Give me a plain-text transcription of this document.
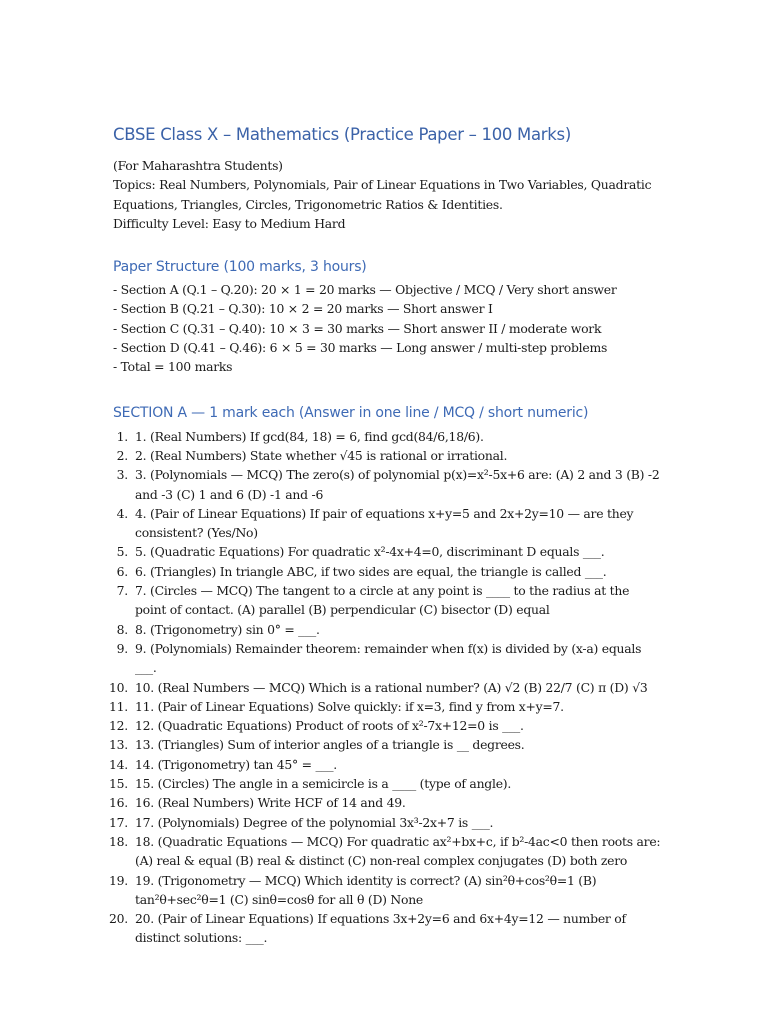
CBSE Class X – Mathematics (Practice Paper – 100 Marks)

(For Maharashtra Students)

Topics: Real Numbers, Polynomials, Pair of Linear Equations in Two Variables, Quadratic Equations, Triangles, Circles, Trigonometric Ratios & Identities.

Difficulty Level: Easy to Medium Hard

Paper Structure (100 marks, 3 hours)

- Section A (Q.1 – Q.20): 20 × 1 = 20 marks — Objective / MCQ / Very short answer

- Section B (Q.21 – Q.30): 10 × 2 = 20 marks — Short answer I

- Section C (Q.31 – Q.40): 10 × 3 = 30 marks — Short answer II / moderate work

- Section D (Q.41 – Q.46): 6 × 5 = 30 marks — Long answer / multi-step problems

- Total = 100 marks

SECTION A — 1 mark each (Answer in one line / MCQ / short numeric)
1 . 1. (Real Numbers) If gcd(84, 18) = 6, find gcd(84/6,18/6).
2 . 2. (Real Numbers) State whether √45 is rational or irrational.
3 . 3. (Polynomials — MCQ) The zero(s) of polynomial p(x)=x²-5x+6 are: (A) 2 and 3 (B) -2 and -3 (C) 1 and 6 (D) -1 and -6
4 . 4. (Pair of Linear Equations) If pair of equations x+y=5 and 2x+2y=10 — are they consistent? (Yes/No)
5 . 5. (Quadratic Equations) For quadratic x²-4x+4=0, discriminant D equals ___.
6 . 6. (Triangles) In triangle ABC, if two sides are equal, the triangle is called ___.
7 . 7. (Circles — MCQ) The tangent to a circle at any point is ____ to the radius at the point of contact. (A) parallel (B) perpendicular (C) bisector (D) equal
8 . 8. (Trigonometry) sin 0° = ___.
9 . 9. (Polynomials) Remainder theorem: remainder when f(x) is divided by (x-a) equals ___.
10 . 10. (Real Numbers — MCQ) Which is a rational number? (A) √2 (B) 22/7 (C) π (D) √3
11 . 11. (Pair of Linear Equations) Solve quickly: if x=3, find y from x+y=7.
12 . 12. (Quadratic Equations) Product of roots of x²-7x+12=0 is ___.
13 . 13. (Triangles) Sum of interior angles of a triangle is __ degrees.
14 . 14. (Trigonometry) tan 45° = ___.
15 . 15. (Circles) The angle in a semicircle is a ____ (type of angle).
16 . 16. (Real Numbers) Write HCF of 14 and 49.
17 . 17. (Polynomials) Degree of the polynomial 3x³-2x+7 is ___.
18 . 18. (Quadratic Equations — MCQ) For quadratic ax²+bx+c, if b²-4ac<0 then roots are: (A) real & equal (B) real & distinct (C) non-real complex conjugates (D) both zero
19 . 19. (Trigonometry — MCQ) Which identity is correct? (A) sin²θ+cos²θ=1 (B) tan²θ+sec²θ=1 (C) sinθ=cosθ for all θ (D) None
20 . 20. (Pair of Linear Equations) If equations 3x+2y=6 and 6x+4y=12 — number of distinct solutions: ___.
